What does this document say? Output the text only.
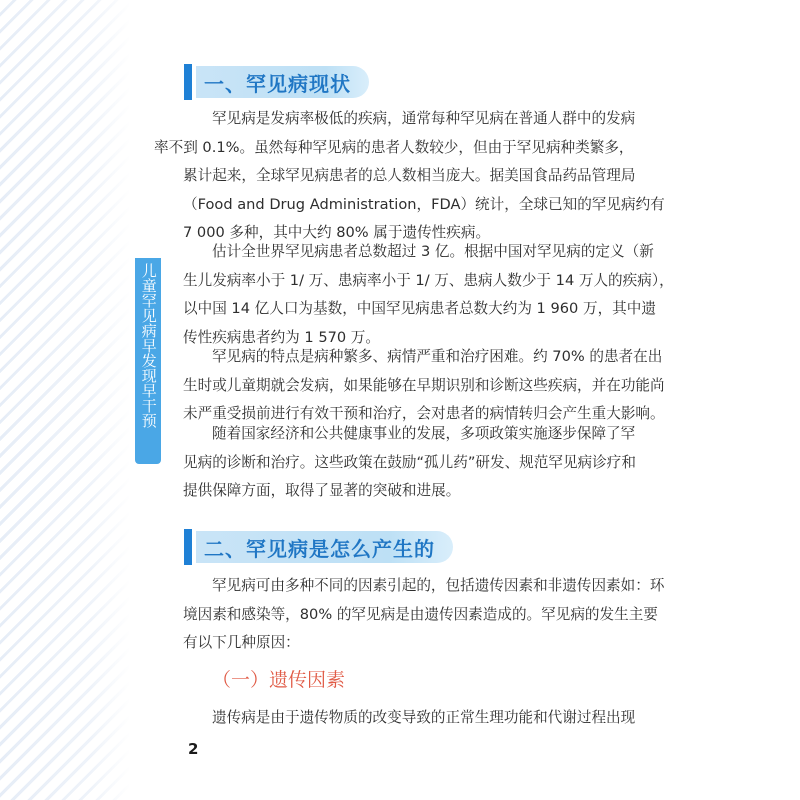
儿童罕见病早发现早干预
一、罕见病现状

罕见病是发病率极低的疾病，通常每种罕见病在普通人群中的发病
率不到 0.1%。虽然每种罕见病的患者人数较少，但由于罕见病种类繁多，
累计起来，全球罕见病患者的总人数相当庞大。据美国食品药品管理局
（Food and Drug Administration，FDA）统计，全球已知的罕见病约有
7 000 多种，其中大约 80% 属于遗传性疾病。

估计全世界罕见病患者总数超过 3 亿。根据中国对罕见病的定义（新
生儿发病率小于 1/ 万、患病率小于 1/ 万、患病人数少于 14 万人的疾病），
以中国 14 亿人口为基数，中国罕见病患者总数大约为 1 960 万，其中遗
传性疾病患者约为 1 570 万。

罕见病的特点是病种繁多、病情严重和治疗困难。约 70% 的患者在出
生时或儿童期就会发病，如果能够在早期识别和诊断这些疾病，并在功能尚
未严重受损前进行有效干预和治疗，会对患者的病情转归会产生重大影响。

随着国家经济和公共健康事业的发展，多项政策实施逐步保障了罕
见病的诊断和治疗。这些政策在鼓励“孤儿药”研发、规范罕见病诊疗和
提供保障方面，取得了显著的突破和进展。

二、罕见病是怎么产生的

罕见病可由多种不同的因素引起的，包括遗传因素和非遗传因素如：环
境因素和感染等，80% 的罕见病是由遗传因素造成的。罕见病的发生主要
有以下几种原因：

（一）遗传因素

遗传病是由于遗传物质的改变导致的正常生理功能和代谢过程出现

2
